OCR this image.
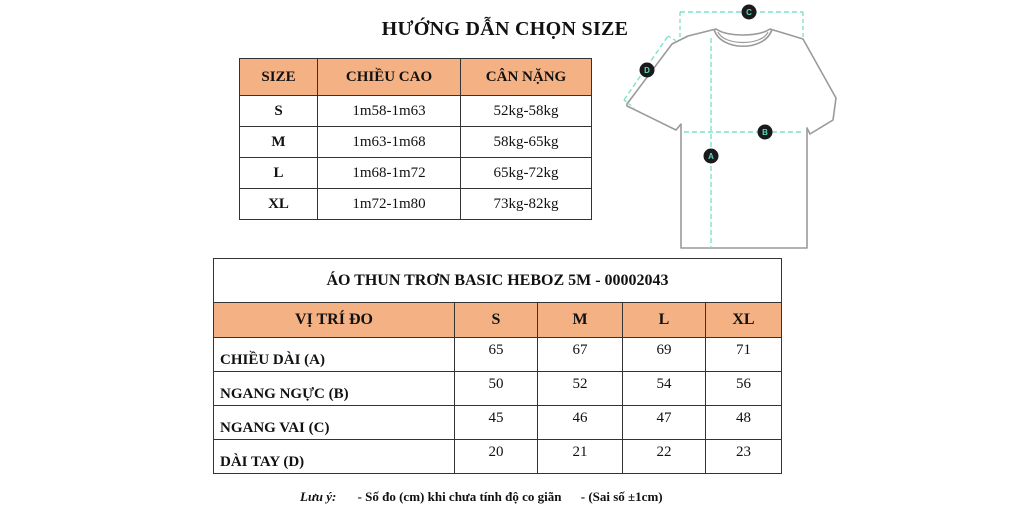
HƯỚNG DẪN CHỌN SIZE
SIZE	CHIỀU CAO	CÂN NẶNG
S	1m58-1m63	52kg-58kg
M	1m63-1m68	58kg-65kg
L	1m68-1m72	65kg-72kg
XL	1m72-1m80	73kg-82kg
C
D
B
A
ÁO THUN TRƠN BASIC HEBOZ 5M - 00002043				
VỊ TRÍ ĐO	S	M	L	XL
CHIỀU DÀI (A)	65	67	69	71
NGANG NGỰC (B)	50	52	54	56
NGANG VAI (C)	45	46	47	48
DÀI TAY (D)	20	21	22	23
Lưu ý: - Số đo (cm) khi chưa tính độ co giãn - (Sai số ±1cm)
